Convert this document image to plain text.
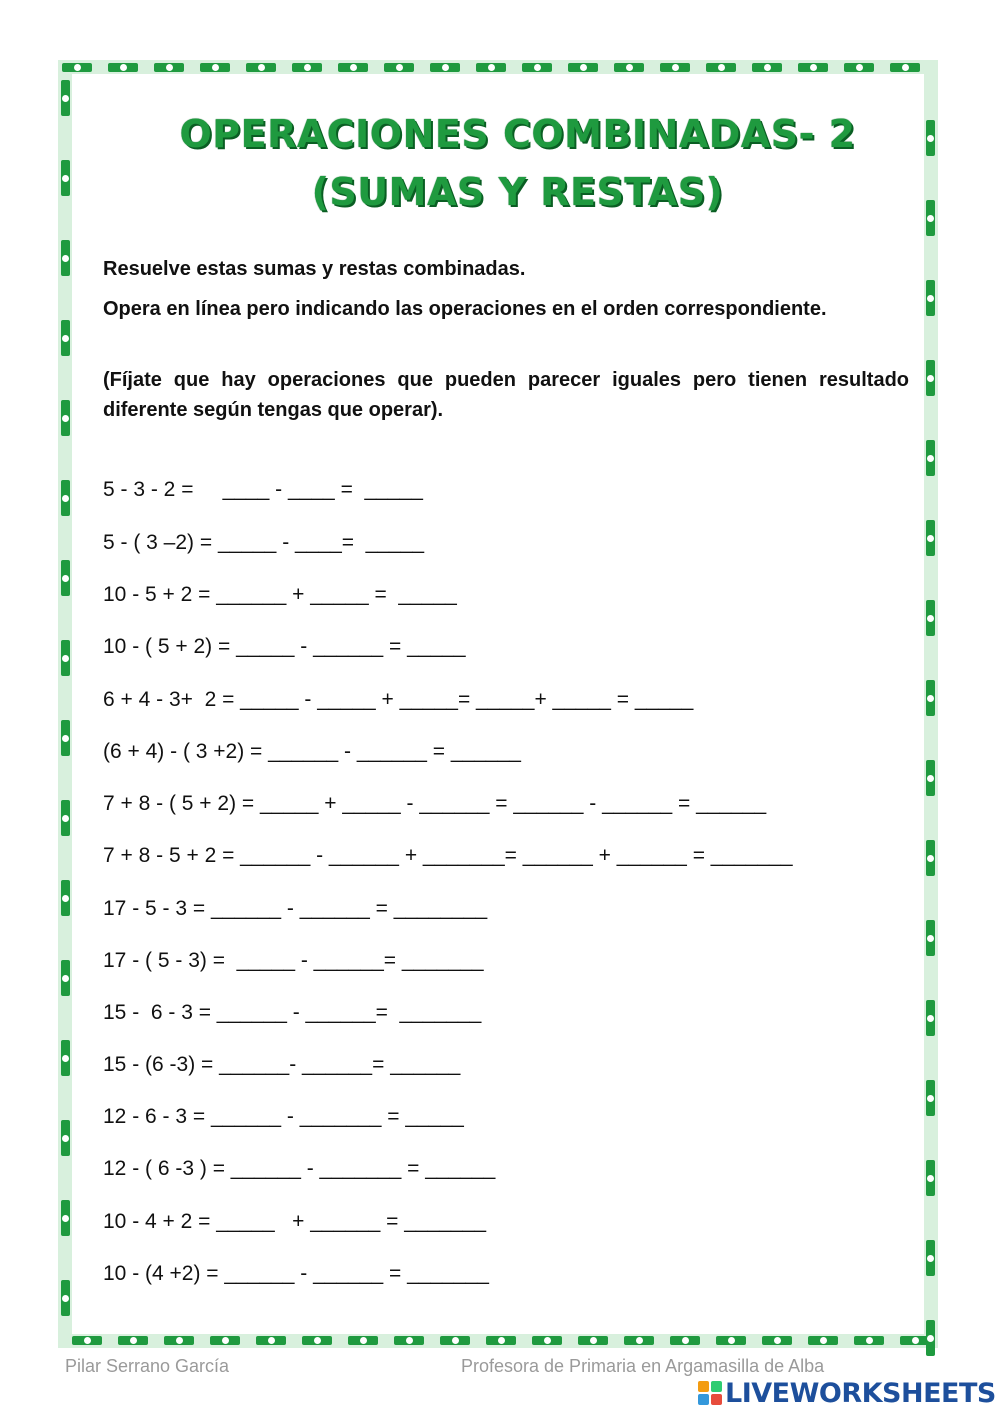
OPERACIONES COMBINADAS- 2
(SUMAS Y RESTAS)

Resuelve estas sumas y restas combinadas.

Opera en línea pero indicando las operaciones en el orden correspondiente.

(Fíjate que hay operaciones que pueden parecer iguales pero tienen resultado diferente según tengas que operar).

5 - 3 - 2 =     ____ - ____ =  _____

5 - ( 3 –2) = _____ - ____=  _____

10 - 5 + 2 = ______ + _____ =  _____

10 - ( 5 + 2) = _____ - ______ = _____

6 + 4 - 3+  2 = _____ - _____ + _____= _____+ _____ = _____

(6 + 4) - ( 3 +2) = ______ - ______ = ______

7 + 8 - ( 5 + 2) = _____ + _____ - ______ = ______ - ______ = ______

7 + 8 - 5 + 2 = ______ - ______ + _______= ______ + ______ = _______

17 - 5 - 3 = ______ - ______ = ________

17 - ( 5 - 3) =  _____ - ______= _______

15 -  6 - 3 = ______ - ______=  _______

15 - (6 -3) = ______- ______= ______

12 - 6 - 3 = ______ - _______ = _____

12 - ( 6 -3 ) = ______ - _______ = ______

10 - 4 + 2 = _____   + ______ = _______

10 - (4 +2) = ______ - ______ = _______

Pilar Serrano García	Profesora de Primaria en Argamasilla de Alba
LIVEWORKSHEETS
